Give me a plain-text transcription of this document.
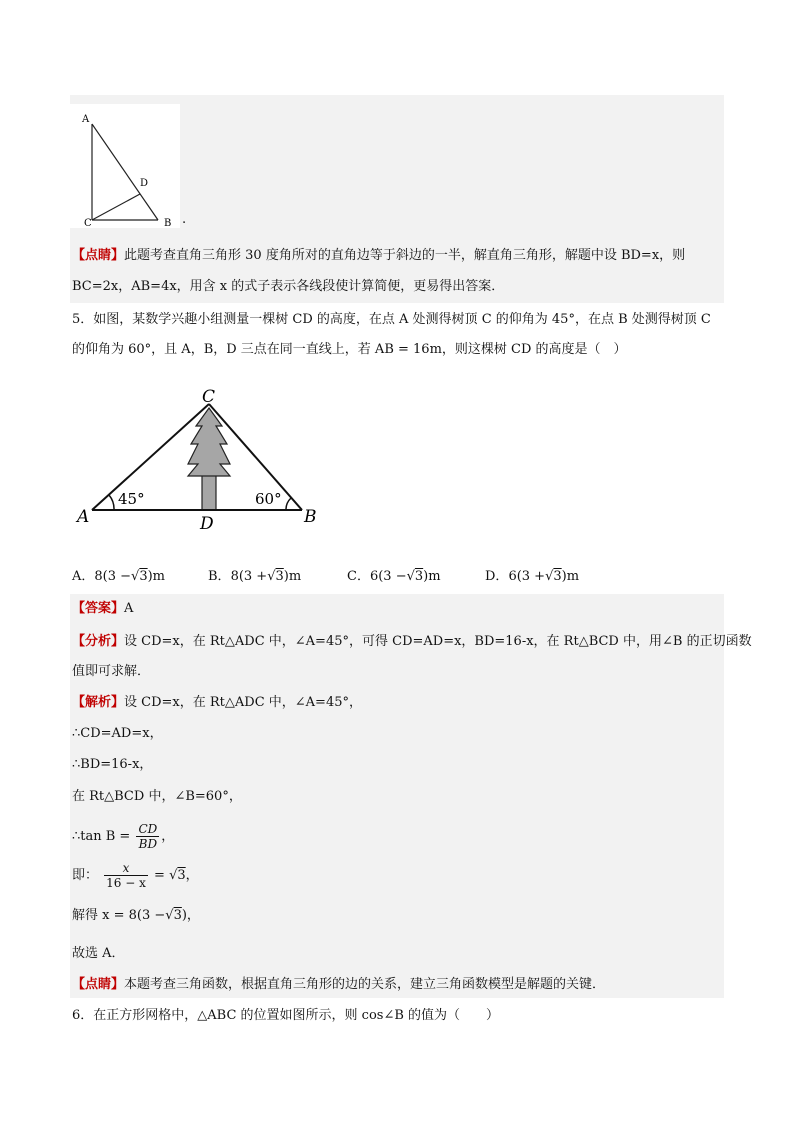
A
D
C	B .
【点睛】此题考查直角三角形 30 度角所对的直角边等于斜边的一半，解直角三角形，解题中设 BD=x，则
BC=2x，AB=4x，用含 x 的式子表示各线段使计算简便，更易得出答案．
5．如图，某数学兴趣小组测量一棵树 CD 的高度，在点 A 处测得树顶 C 的仰角为 45°，在点 B 处测得树顶 C
的仰角为 60°，且 A，B，D 三点在同一直线上，若 AB = 16m，则这棵树 CD 的高度是（　）
45°	60°
C
A	D	B
A．8(3 −√3)m	B．8(3 +√3)m	C．6(3 −√3)m	D．6(3 +√3)m
【答案】A
【分析】设 CD=x，在 Rt△ADC 中，∠A=45°，可得 CD=AD=x，BD=16-x，在 Rt△BCD 中，用∠B 的正切函数
值即可求解．
【解析】设 CD=x，在 Rt△ADC 中，∠A=45°，
∴CD=AD=x，
∴BD=16-x，
在 Rt△BCD 中，∠B=60°，
∴tan $B = \frac{CD}{BD}$ ，
即： $\frac{x}{16 - x} = √3$，
解得 x = 8(3 −√3)，
故选 A．
【点睛】本题考查三角函数，根据直角三角形的边的关系，建立三角函数模型是解题的关键．
6．在正方形网格中，△ABC 的位置如图所示，则 cos∠B 的值为（　　）
